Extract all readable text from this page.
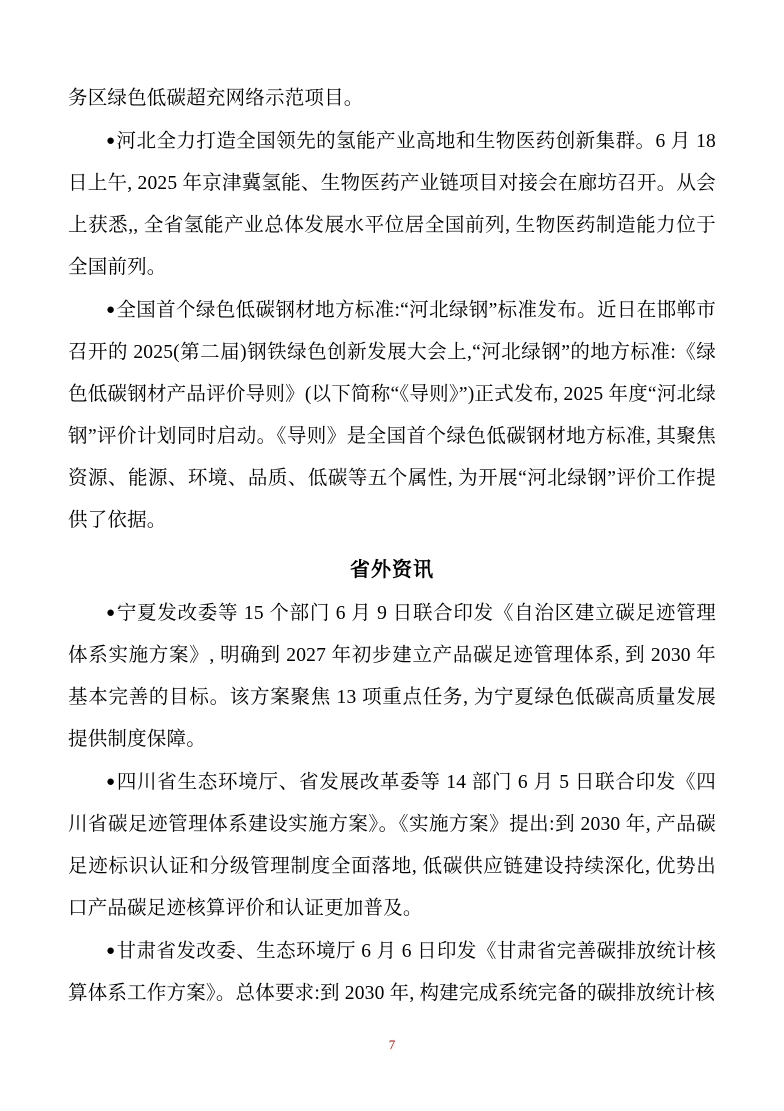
务区绿色低碳超充网络示范项目。

●河北全力打造全国领先的氢能产业高地和生物医药创新集群。6 月 18 日上午, 2025 年京津冀氢能、生物医药产业链项目对接会在廊坊召开。从会上获悉,, 全省氢能产业总体发展水平位居全国前列, 生物医药制造能力位于全国前列。

●全国首个绿色低碳钢材地方标准:“河北绿钢”标准发布。近日在邯郸市召开的 2025(第二届)钢铁绿色创新发展大会上,“河北绿钢”的地方标准:《绿色低碳钢材产品评价导则》(以下简称“《导则》”)正式发布, 2025 年度“河北绿钢”评价计划同时启动。《导则》是全国首个绿色低碳钢材地方标准, 其聚焦资源、能源、环境、品质、低碳等五个属性, 为开展“河北绿钢”评价工作提供了依据。

省外资讯

●宁夏发改委等 15 个部门 6 月 9 日联合印发《自治区建立碳足迹管理体系实施方案》, 明确到 2027 年初步建立产品碳足迹管理体系, 到 2030 年基本完善的目标。该方案聚焦 13 项重点任务, 为宁夏绿色低碳高质量发展提供制度保障。

●四川省生态环境厅、省发展改革委等 14 部门 6 月 5 日联合印发《四川省碳足迹管理体系建设实施方案》。《实施方案》提出:到 2030 年, 产品碳足迹标识认证和分级管理制度全面落地, 低碳供应链建设持续深化, 优势出口产品碳足迹核算评价和认证更加普及。

●甘肃省发改委、生态环境厅 6 月 6 日印发《甘肃省完善碳排放统计核算体系工作方案》。总体要求:到 2030 年, 构建完成系统完备的碳排放统计核

7
